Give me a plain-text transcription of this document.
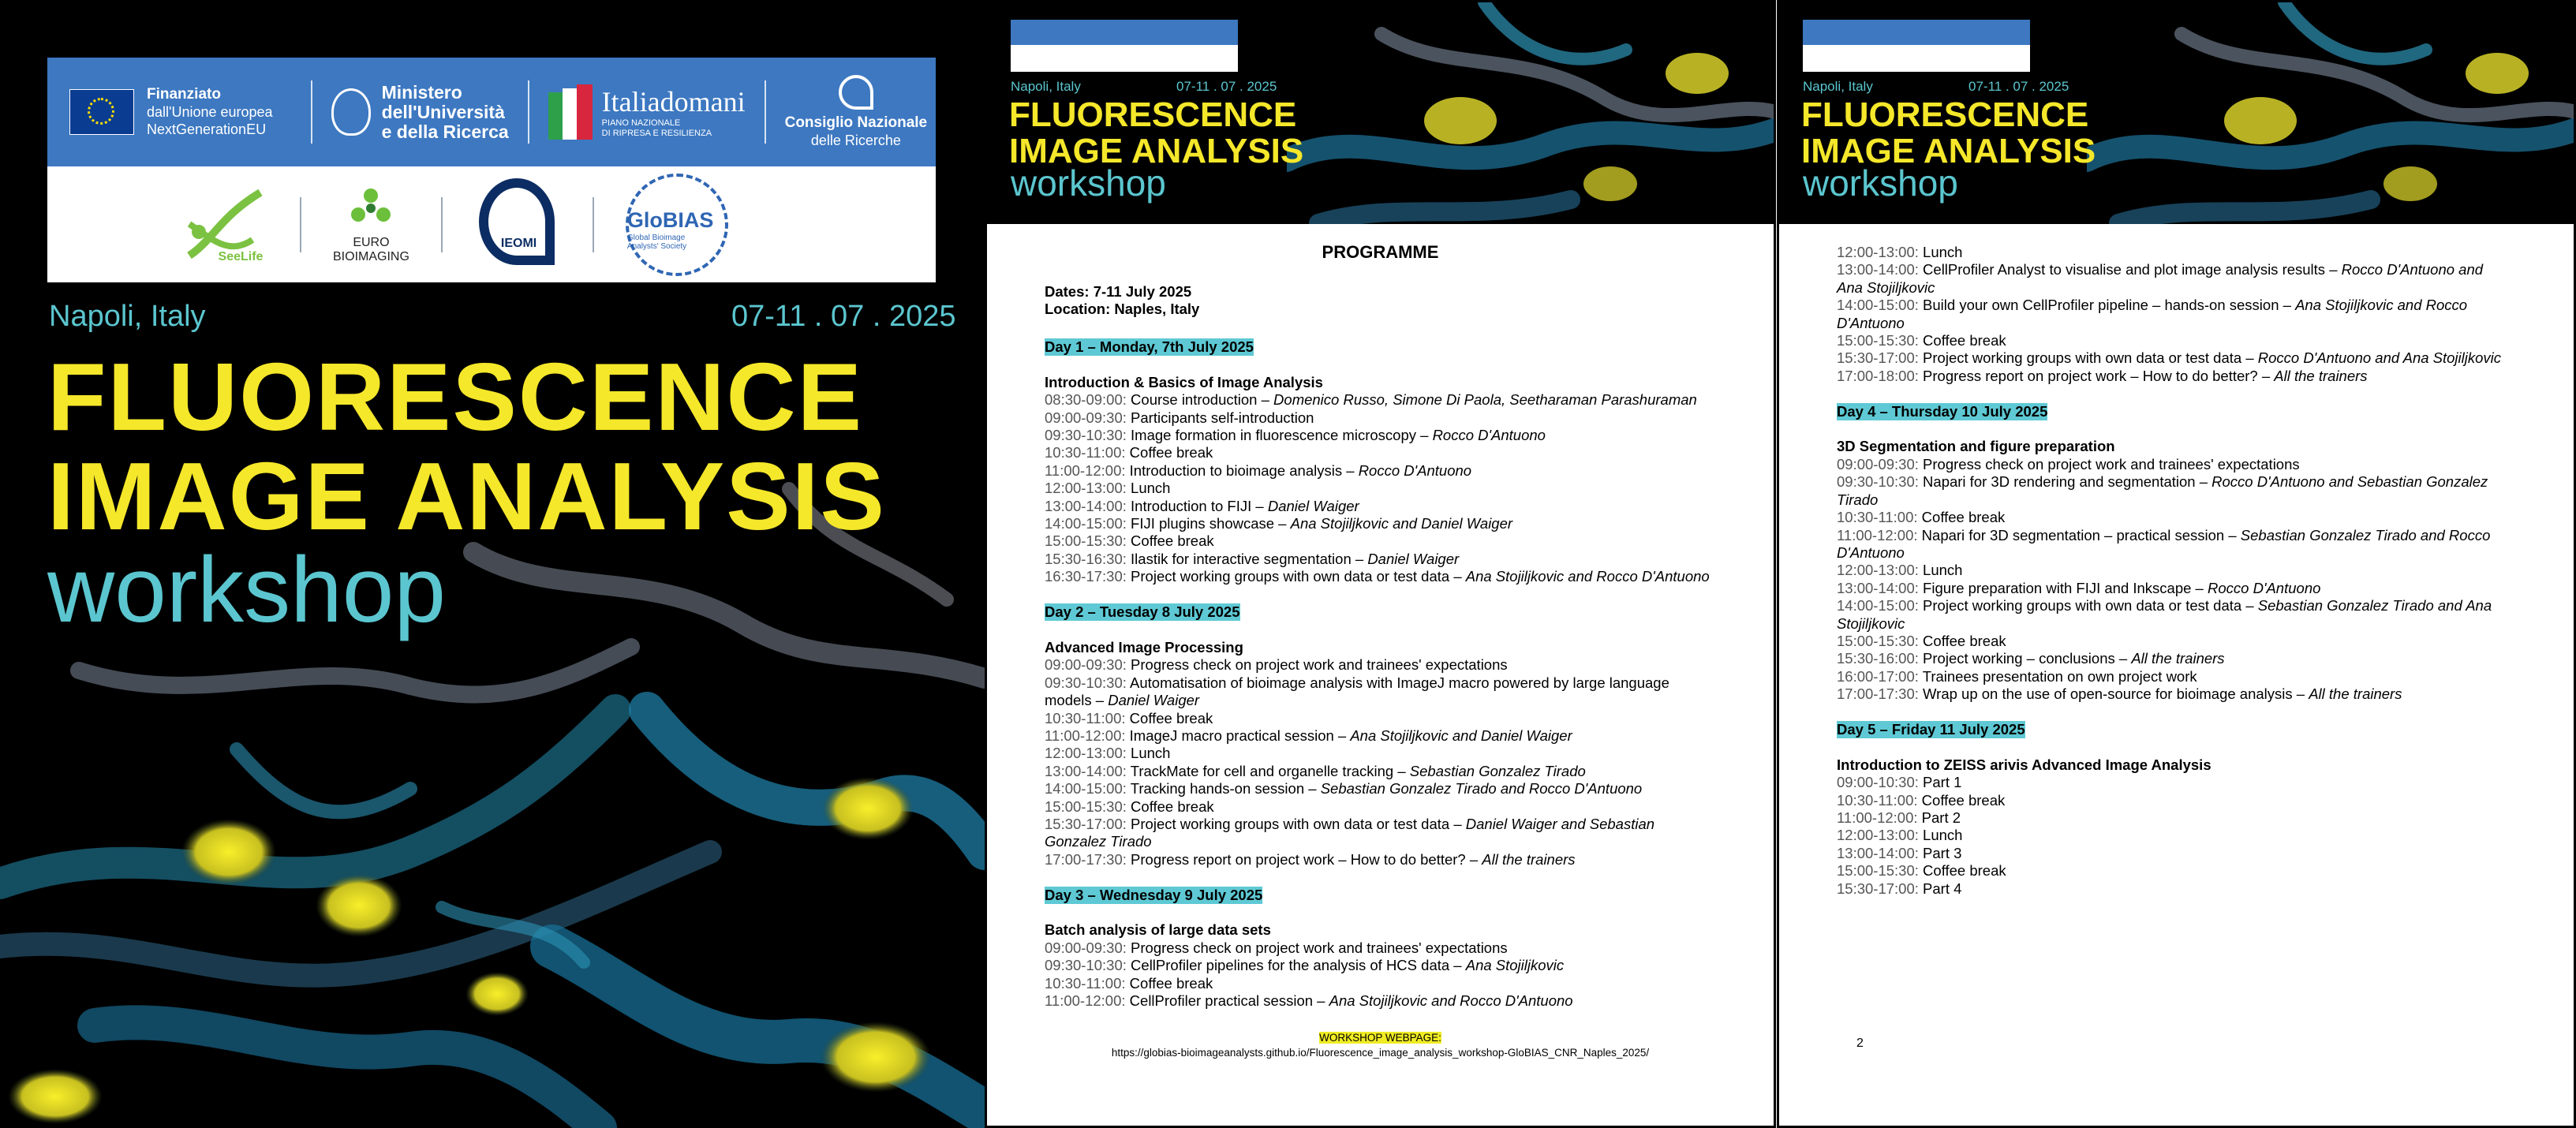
Finanziato
dall'Unione europea
NextGenerationEU
Ministero
dell'Università
e della Ricerca
Italiadomani
PIANO NAZIONALE
DI RIPRESA E RESILIENZA
Consiglio Nazionale
delle Ricerche
SeeLife
EURO
BIOIMAGING
IEOMI
GloBIAS
Global Bioimage
Analysts' Society
Napoli, Italy	07-11 . 07 . 2025
FLUORESCENCE
IMAGE ANALYSIS
workshop
Napoli, Italy	07-11 . 07 . 2025
FLUORESCENCE
IMAGE ANALYSIS
workshop
PROGRAMME
Dates: 7-11 July 2025
Location: Naples, Italy
Day 1 – Monday, 7th July 2025

Introduction & Basics of Image Analysis
08:30-09:00: Course introduction – Domenico Russo, Simone Di Paola, Seetharaman Parashuraman
09:00-09:30: Participants self-introduction
09:30-10:30: Image formation in fluorescence microscopy – Rocco D'Antuono
10:30-11:00: Coffee break
11:00-12:00: Introduction to bioimage analysis – Rocco D'Antuono
12:00-13:00: Lunch
13:00-14:00: Introduction to FIJI – Daniel Waiger
14:00-15:00: FIJI plugins showcase – Ana Stojiljkovic and Daniel Waiger
15:00-15:30: Coffee break
15:30-16:30: Ilastik for interactive segmentation – Daniel Waiger
16:30-17:30: Project working groups with own data or test data – Ana Stojiljkovic and Rocco D'Antuono

Day 2 – Tuesday 8 July 2025

Advanced Image Processing
09:00-09:30: Progress check on project work and trainees' expectations
09:30-10:30: Automatisation of bioimage analysis with ImageJ macro powered by large language
models – Daniel Waiger
10:30-11:00: Coffee break
11:00-12:00: ImageJ macro practical session – Ana Stojiljkovic and Daniel Waiger
12:00-13:00: Lunch
13:00-14:00: TrackMate for cell and organelle tracking – Sebastian Gonzalez Tirado
14:00-15:00: Tracking hands-on session – Sebastian Gonzalez Tirado and Rocco D'Antuono
15:00-15:30: Coffee break
15:30-17:00: Project working groups with own data or test data – Daniel Waiger and Sebastian
Gonzalez Tirado
17:00-17:30: Progress report on project work – How to do better? – All the trainers

Day 3 – Wednesday 9 July 2025

Batch analysis of large data sets
09:00-09:30: Progress check on project work and trainees' expectations
09:30-10:30: CellProfiler pipelines for the analysis of HCS data – Ana Stojiljkovic
10:30-11:00: Coffee break
11:00-12:00: CellProfiler practical session – Ana Stojiljkovic and Rocco D'Antuono
WORKSHOP WEBPAGE:
https://globias-bioimageanalysts.github.io/Fluorescence_image_analysis_workshop-GloBIAS_CNR_Naples_2025/
Napoli, Italy	07-11 . 07 . 2025
FLUORESCENCE
IMAGE ANALYSIS
workshop
12:00-13:00: Lunch
13:00-14:00: CellProfiler Analyst to visualise and plot image analysis results – Rocco D'Antuono and
Ana Stojiljkovic
14:00-15:00: Build your own CellProfiler pipeline – hands-on session – Ana Stojiljkovic and Rocco
D'Antuono
15:00-15:30: Coffee break
15:30-17:00: Project working groups with own data or test data – Rocco D'Antuono and Ana Stojiljkovic
17:00-18:00: Progress report on project work – How to do better? – All the trainers

Day 4 – Thursday 10 July 2025

3D Segmentation and figure preparation
09:00-09:30: Progress check on project work and trainees' expectations
09:30-10:30: Napari for 3D rendering and segmentation – Rocco D'Antuono and Sebastian Gonzalez
Tirado
10:30-11:00: Coffee break
11:00-12:00: Napari for 3D segmentation – practical session – Sebastian Gonzalez Tirado and Rocco
D'Antuono
12:00-13:00: Lunch
13:00-14:00: Figure preparation with FIJI and Inkscape – Rocco D'Antuono
14:00-15:00: Project working groups with own data or test data – Sebastian Gonzalez Tirado and Ana
Stojiljkovic
15:00-15:30: Coffee break
15:30-16:00: Project working – conclusions – All the trainers
16:00-17:00: Trainees presentation on own project work
17:00-17:30: Wrap up on the use of open-source for bioimage analysis – All the trainers

Day 5 – Friday 11 July 2025

Introduction to ZEISS arivis Advanced Image Analysis
09:00-10:30: Part 1
10:30-11:00: Coffee break
11:00-12:00: Part 2
12:00-13:00: Lunch
13:00-14:00: Part 3
15:00-15:30: Coffee break
15:30-17:00: Part 4
2
